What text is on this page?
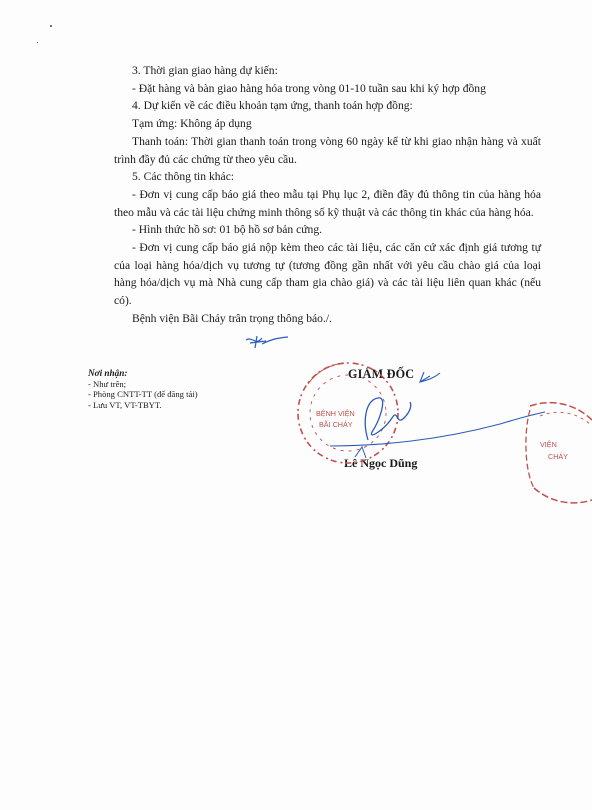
3. Thời gian giao hàng dự kiến:

- Đặt hàng và bàn giao hàng hóa trong vòng 01-10 tuần sau khi ký hợp đồng

4. Dự kiến về các điều khoản tạm ứng, thanh toán hợp đồng:

Tạm ứng: Không áp dụng

Thanh toán: Thời gian thanh toán trong vòng 60 ngày kể từ khi giao nhận hàng và xuất trình đầy đủ các chứng từ theo yêu cầu.

5. Các thông tin khác:

- Đơn vị cung cấp báo giá theo mẫu tại Phụ lục 2, điền đầy đủ thông tin của hàng hóa theo mẫu và các tài liệu chứng minh thông số kỹ thuật và các thông tin khác của hàng hóa.

- Hình thức hồ sơ: 01 bộ hồ sơ bản cứng.

- Đơn vị cung cấp báo giá nộp kèm theo các tài liệu, các căn cứ xác định giá tương tự của loại hàng hóa/dịch vụ tương tự (tương đồng gần nhất với yêu cầu chào giá của loại hàng hóa/dịch vụ mà Nhà cung cấp tham gia chào giá) và các tài liệu liên quan khác (nếu có).

Bệnh viện Bãi Cháy trân trọng thông báo./.

Nơi nhận:
- Như trên;
- Phòng CNTT-TT (để đăng tải)
- Lưu VT, VT-TBYT.
GIÁM ĐỐC
Lê Ngọc Dũng
BỆNH VIỆN
BÃI CHÁY
VIỆN
CHÁY
